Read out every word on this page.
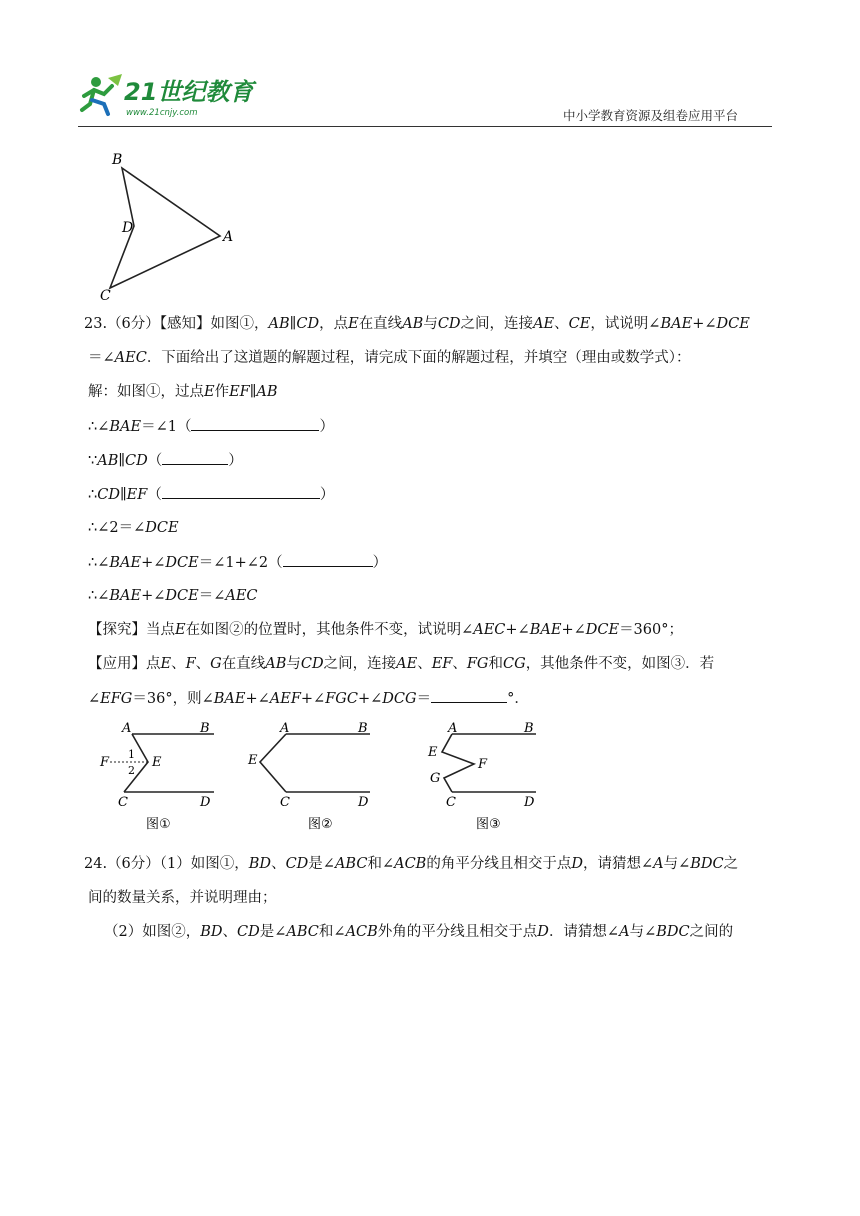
21世纪教育
www.21cnjy.com	中小学教育资源及组卷应用平台
B
D
A
C
23.（6分）【感知】如图①，AB∥CD，点E在直线AB与CD之间，连接AE、CE，试说明∠BAE+∠DCE
＝∠AEC．下面给出了这道题的解题过程，请完成下面的解题过程，并填空（理由或数学式）：
解：如图①，过点E作EF∥AB
∴∠BAE＝∠1（	）
∵AB∥CD（	）
∴CD∥EF（	）
∴∠2＝∠DCE
∴∠BAE+∠DCE＝∠1+∠2（	）
∴∠BAE+∠DCE＝∠AEC
【探究】当点E在如图②的位置时，其他条件不变，试说明∠AEC+∠BAE+∠DCE＝360°；
【应用】点E、F、G在直线AB与CD之间，连接AE、EF、FG和CG，其他条件不变，如图③．若
∠EFG＝36°，则∠BAE+∠AEF+∠FGC+∠DCG＝	°．
A	B
F
1
2
E
C	D
图①
A	B
E
C	D
图②
A	B
E
F
G
C	D
图③
24.（6分）（1）如图①，BD、CD是∠ABC和∠ACB的角平分线且相交于点D，请猜想∠A与∠BDC之
间的数量关系，并说明理由；
（2）如图②，BD、CD是∠ABC和∠ACB外角的平分线且相交于点D．请猜想∠A与∠BDC之间的
